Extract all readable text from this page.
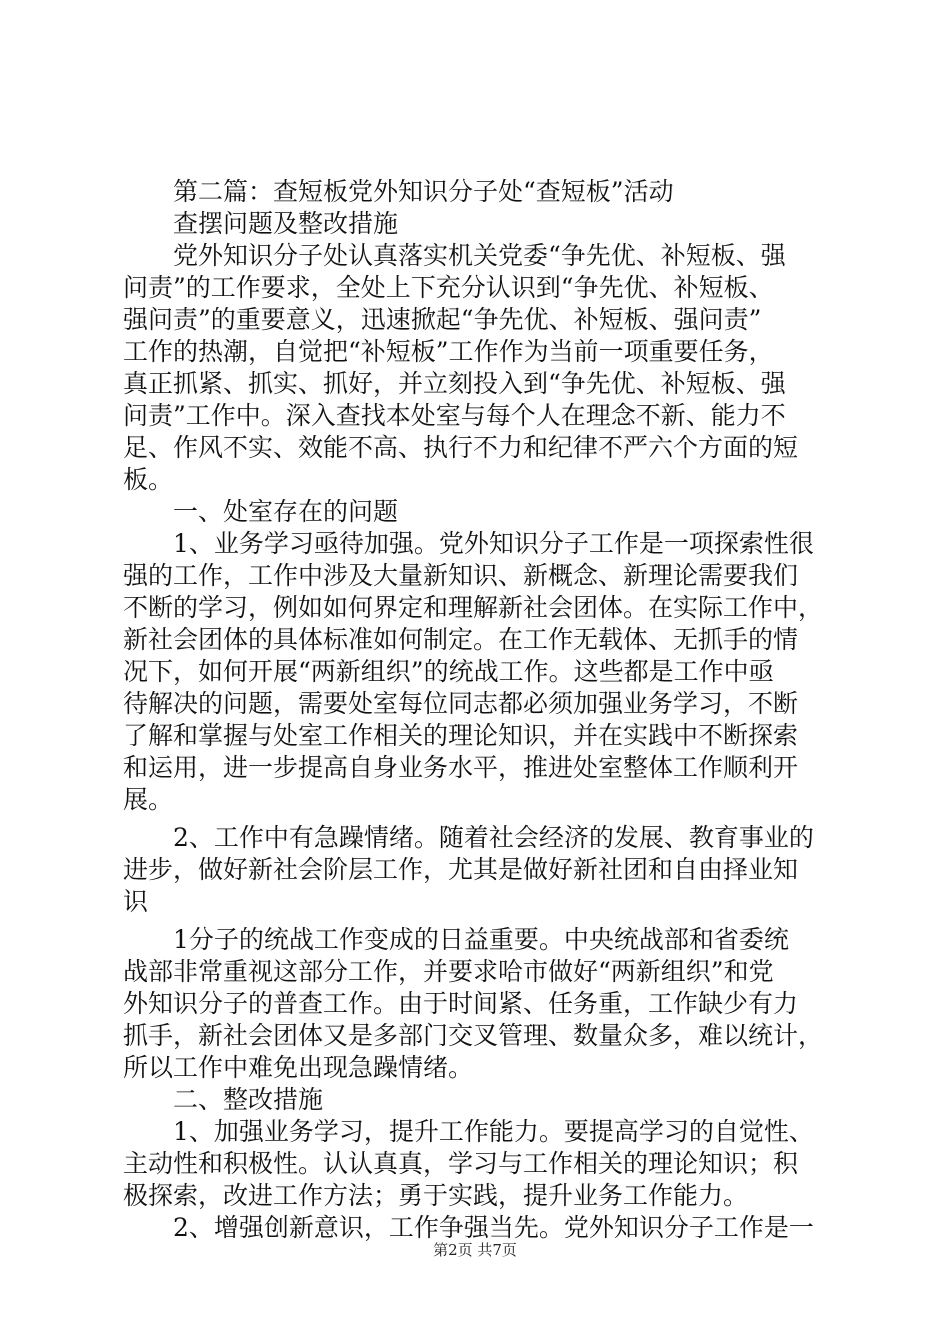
　　第二篇：查短板党外知识分子处“查短板”活动
　　查摆问题及整改措施
　　党外知识分子处认真落实机关党委“争先优、补短板、强
问责”的工作要求，全处上下充分认识到“争先优、补短板、
强问责”的重要意义，迅速掀起“争先优、补短板、强问责”
工作的热潮，自觉把“补短板”工作作为当前一项重要任务，
真正抓紧、抓实、抓好，并立刻投入到“争先优、补短板、强
问责”工作中。深入查找本处室与每个人在理念不新、能力不
足、作风不实、效能不高、执行不力和纪律不严六个方面的短
板。
　　一、处室存在的问题
　　1、业务学习亟待加强。党外知识分子工作是一项探索性很
强的工作，工作中涉及大量新知识、新概念、新理论需要我们
不断的学习，例如如何界定和理解新社会团体。在实际工作中，
新社会团体的具体标准如何制定。在工作无载体、无抓手的情
况下，如何开展“两新组织”的统战工作。这些都是工作中亟
待解决的问题，需要处室每位同志都必须加强业务学习，不断
了解和掌握与处室工作相关的理论知识，并在实践中不断探索
和运用，进一步提高自身业务水平，推进处室整体工作顺利开
展。
　　2、工作中有急躁情绪。随着社会经济的发展、教育事业的
进步，做好新社会阶层工作，尤其是做好新社团和自由择业知
识
　　1分子的统战工作变成的日益重要。中央统战部和省委统
战部非常重视这部分工作，并要求哈市做好“两新组织”和党
外知识分子的普查工作。由于时间紧、任务重，工作缺少有力
抓手，新社会团体又是多部门交叉管理、数量众多，难以统计，
所以工作中难免出现急躁情绪。
　　二、整改措施
　　1、加强业务学习，提升工作能力。要提高学习的自觉性、
主动性和积极性。认认真真，学习与工作相关的理论知识；积
极探索，改进工作方法；勇于实践，提升业务工作能力。
　　2、增强创新意识，工作争强当先。党外知识分子工作是一
第2页 共7页
